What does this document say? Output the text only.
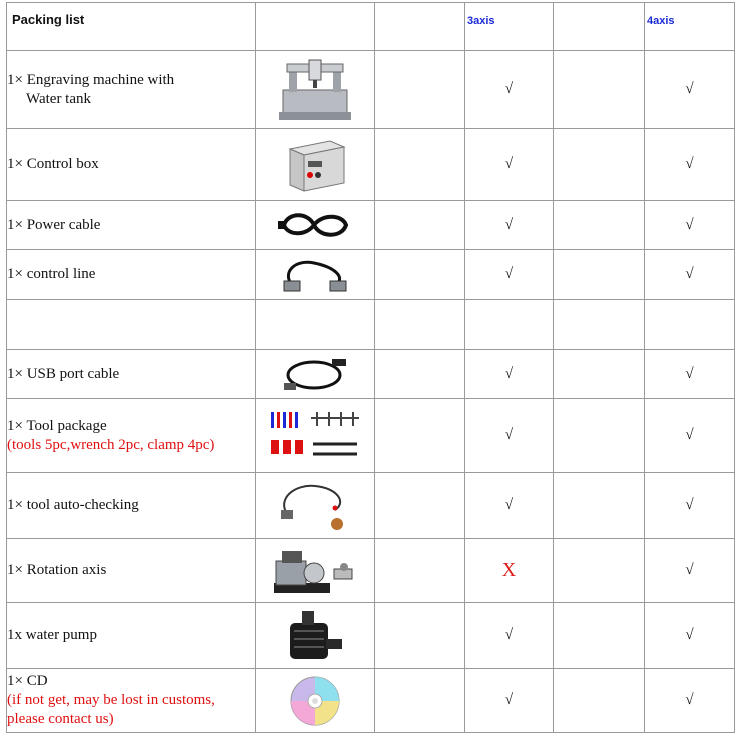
Packing list			3axis		4axis

1× Engraving machine with
Water tank			√		√

1× Control box			√		√

1× Power cable			√		√

1× control line			√		√

1× USB port cable			√		√

1× Tool package
(tools 5pc,wrench 2pc, clamp 4pc)			√		√

1× tool auto-checking			√		√

1× Rotation axis			X		√

1x water pump			√		√

1× CD
(if not get, may be lost in customs,
please contact us)			√		√
